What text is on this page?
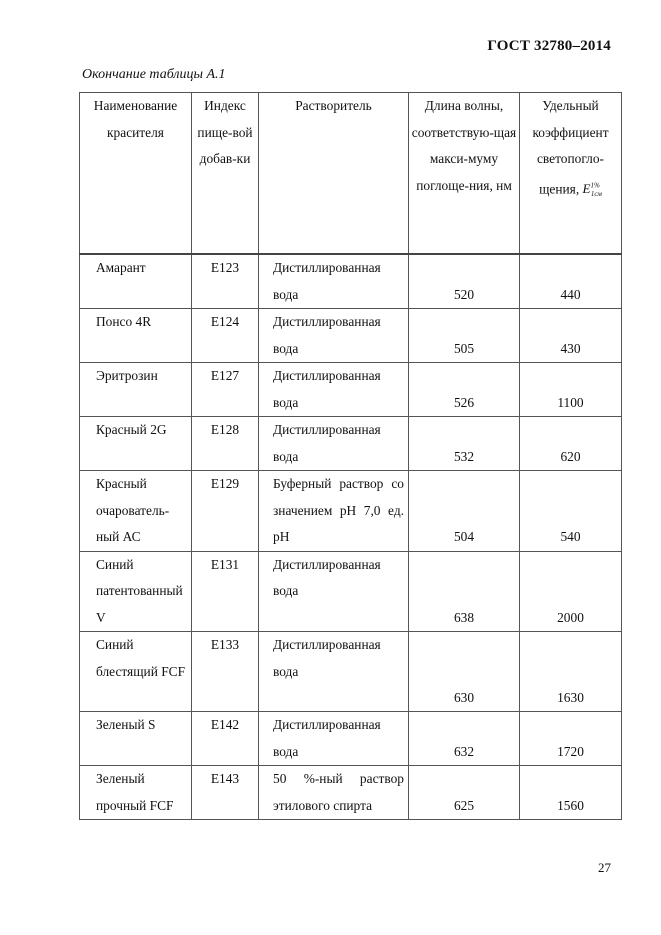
ГОСТ 32780–2014
Окончание таблицы А.1
Наименование красителя	Индекс пище-вой добав-ки	Растворитель	Длина волны, соответствую-щая макси-муму поглоще-ния, нм	Удельный коэффициент светопогло-щения, $E^{1\%}_{1см}$
Амарант	Е123	Дистиллированная вода	520	440
Понсо 4R	Е124	Дистиллированная вода	505	430
Эритрозин	Е127	Дистиллированная вода	526	1100
Красный 2G	Е128	Дистиллированная вода	532	620
Красный очарователь-ный АС	Е129	Буферный раствор со значением рН 7,0 ед. рН	504	540
Синий патентованный V	Е131	Дистиллированная вода	638	2000
Синий блестящий FCF	Е133	Дистиллированная вода	630	1630
Зеленый S	Е142	Дистиллированная вода	632	1720
Зеленый прочный FCF	Е143	50 %-ный раствор этилового спирта	625	1560
27
